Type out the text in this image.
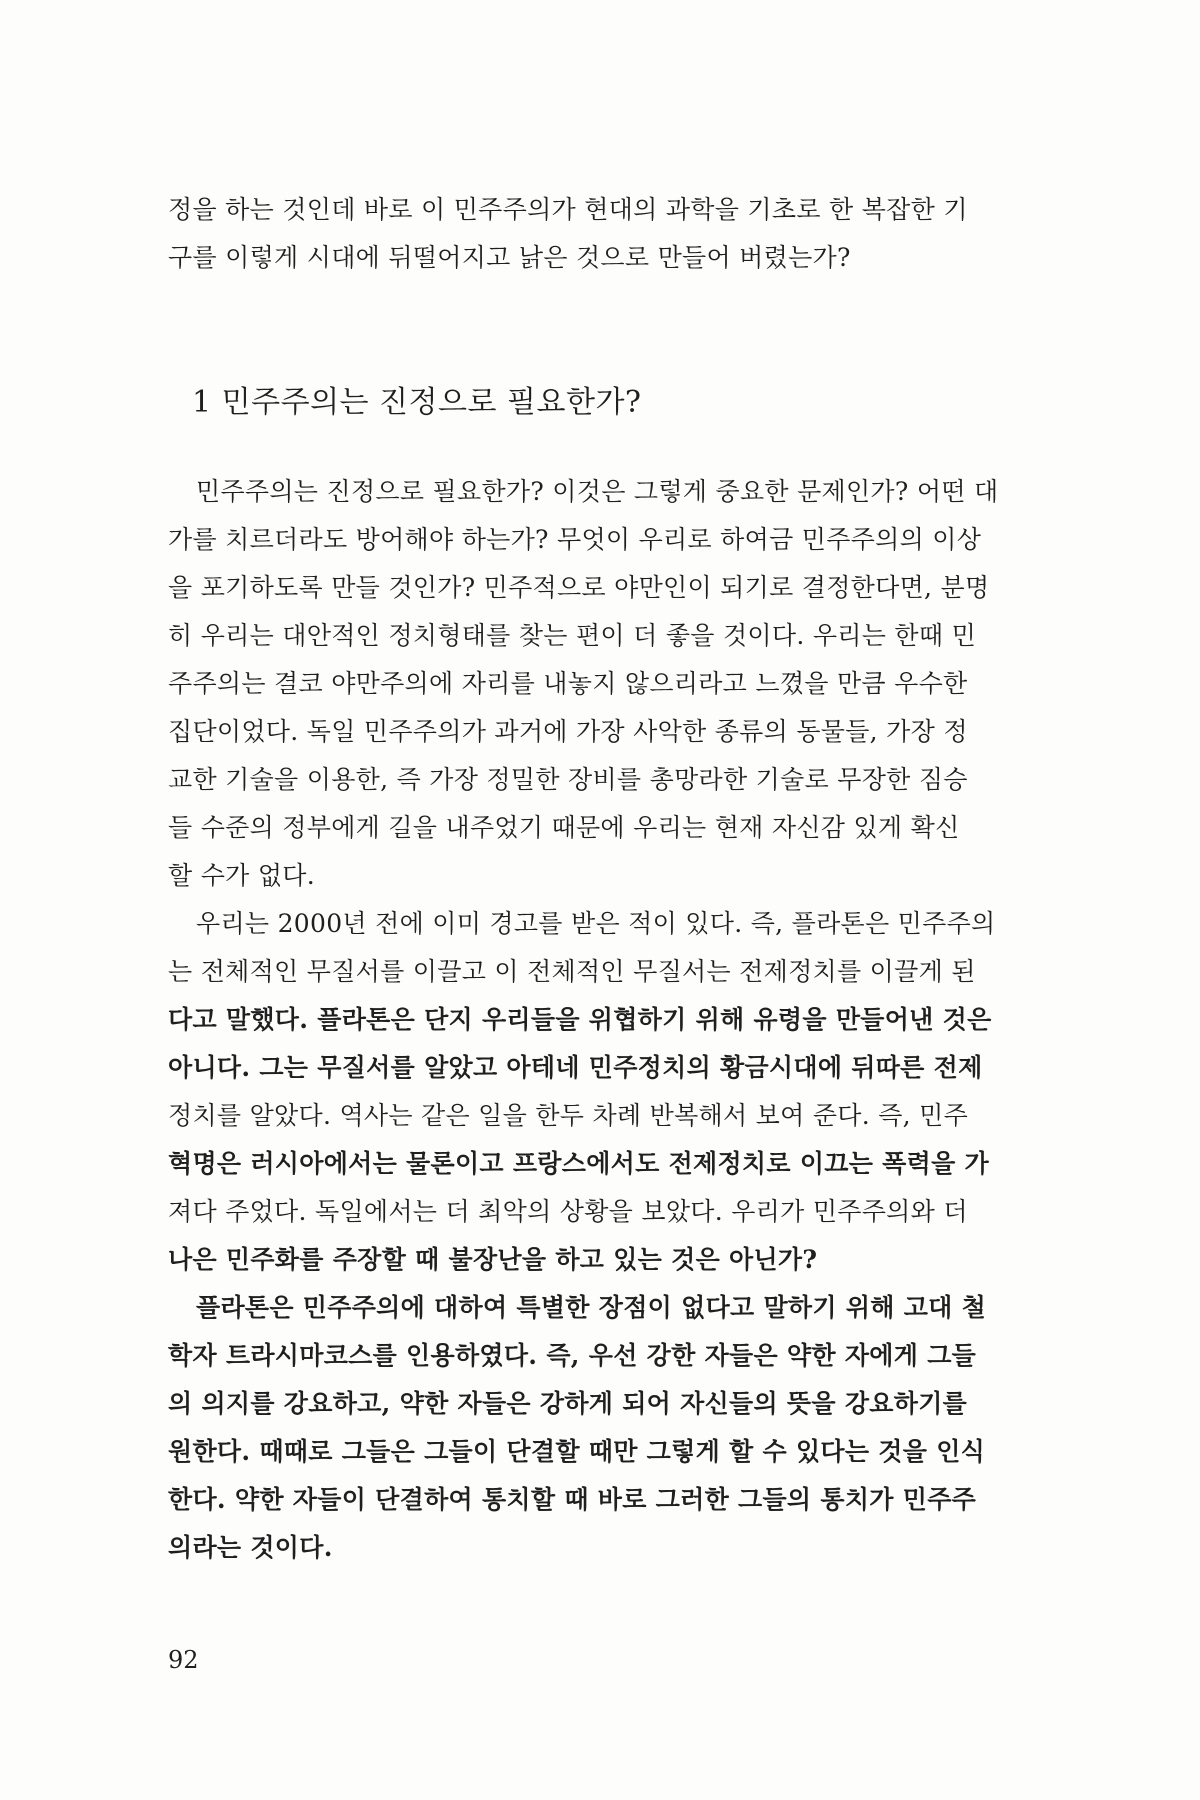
정을 하는 것인데 바로 이 민주주의가 현대의 과학을 기초로 한 복잡한 기

구를 이렇게 시대에 뒤떨어지고 낡은 것으로 만들어 버렸는가?

1 민주주의는 진정으로 필요한가?

민주주의는 진정으로 필요한가? 이것은 그렇게 중요한 문제인가? 어떤 대

가를 치르더라도 방어해야 하는가? 무엇이 우리로 하여금 민주주의의 이상

을 포기하도록 만들 것인가? 민주적으로 야만인이 되기로 결정한다면, 분명

히 우리는 대안적인 정치형태를 찾는 편이 더 좋을 것이다. 우리는 한때 민

주주의는 결코 야만주의에 자리를 내놓지 않으리라고 느꼈을 만큼 우수한

집단이었다. 독일 민주주의가 과거에 가장 사악한 종류의 동물들, 가장 정

교한 기술을 이용한, 즉 가장 정밀한 장비를 총망라한 기술로 무장한 짐승

들 수준의 정부에게 길을 내주었기 때문에 우리는 현재 자신감 있게 확신

할 수가 없다.

우리는 2000년 전에 이미 경고를 받은 적이 있다. 즉, 플라톤은 민주주의

는 전체적인 무질서를 이끌고 이 전체적인 무질서는 전제정치를 이끌게 된

다고 말했다. 플라톤은 단지 우리들을 위협하기 위해 유령을 만들어낸 것은

아니다. 그는 무질서를 알았고 아테네 민주정치의 황금시대에 뒤따른 전제

정치를 알았다. 역사는 같은 일을 한두 차례 반복해서 보여 준다. 즉, 민주

혁명은 러시아에서는 물론이고 프랑스에서도 전제정치로 이끄는 폭력을 가

져다 주었다. 독일에서는 더 최악의 상황을 보았다. 우리가 민주주의와 더

나은 민주화를 주장할 때 불장난을 하고 있는 것은 아닌가?

플라톤은 민주주의에 대하여 특별한 장점이 없다고 말하기 위해 고대 철

학자 트라시마코스를 인용하였다. 즉, 우선 강한 자들은 약한 자에게 그들

의 의지를 강요하고, 약한 자들은 강하게 되어 자신들의 뜻을 강요하기를

원한다. 때때로 그들은 그들이 단결할 때만 그렇게 할 수 있다는 것을 인식

한다. 약한 자들이 단결하여 통치할 때 바로 그러한 그들의 통치가 민주주

의라는 것이다.

92
